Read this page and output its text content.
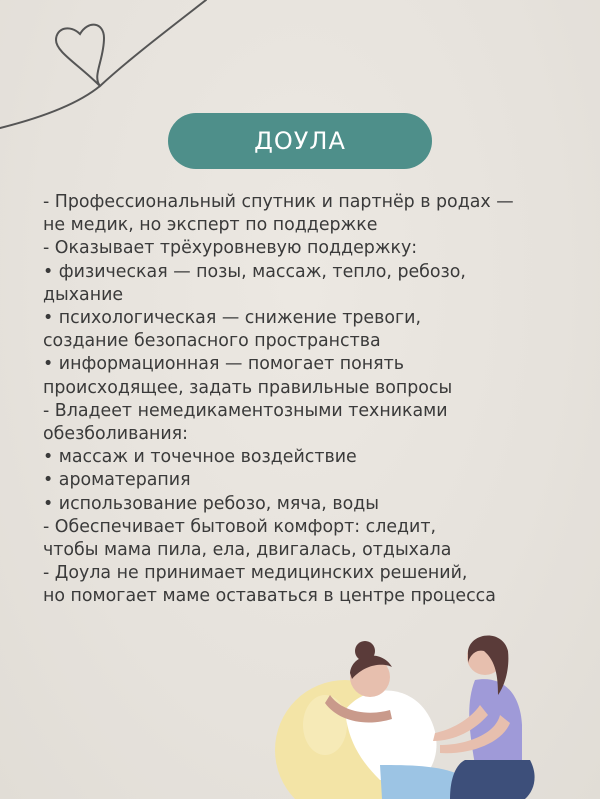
ДОУЛА
- Профессиональный спутник и партнёр в родах —
не медик, но эксперт по поддержке
- Оказывает трёхуровневую поддержку:
• физическая — позы, массаж, тепло, ребозо,
дыхание
• психологическая — снижение тревоги,
создание безопасного пространства
• информационная — помогает понять
происходящее, задать правильные вопросы
- Владеет немедикаментозными техниками
обезболивания:
• массаж и точечное воздействие
• ароматерапия
• использование ребозо, мяча, воды
- Обеспечивает бытовой комфорт: следит,
чтобы мама пила, ела, двигалась, отдыхала
- Доула не принимает медицинских решений,
но помогает маме оставаться в центре процесса
